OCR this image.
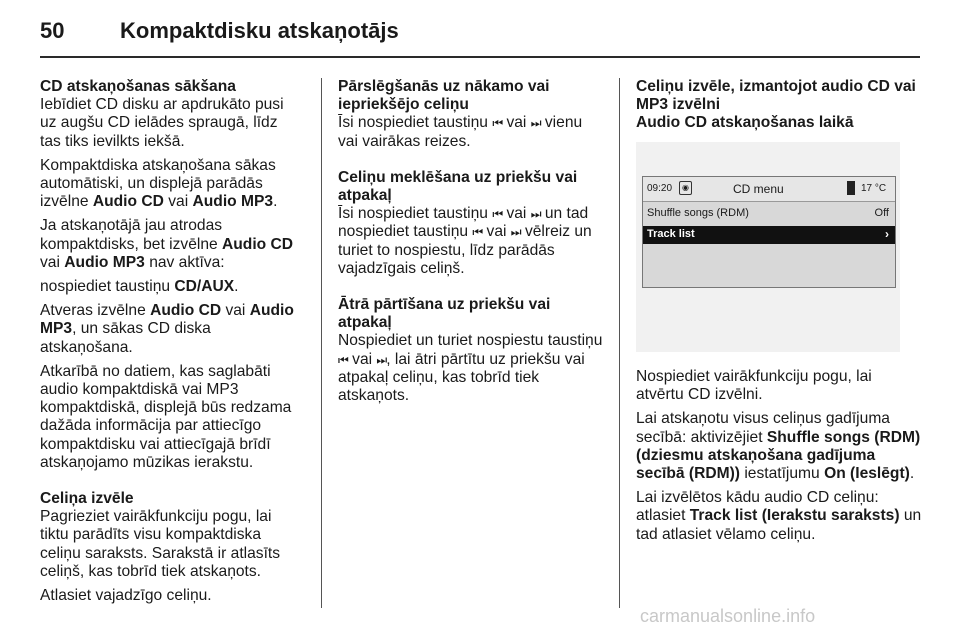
50	Kompaktdisku atskaņotājs
CD atskaņošanas sākšana

Iebīdiet CD disku ar apdrukāto pusi uz augšu CD ielādes spraugā, līdz tas tiks ievilkts iekšā.

Kompaktdiska atskaņošana sākas automātiski, un displejā parādās izvēlne Audio CD vai Audio MP3.

Ja atskaņotājā jau atrodas kompaktdisks, bet izvēlne Audio CD vai Audio MP3 nav aktīva:

nospiediet taustiņu CD/AUX.

Atveras izvēlne Audio CD vai Audio MP3, un sākas CD diska atskaņošana.

Atkarībā no datiem, kas saglabāti audio kompaktdiskā vai MP3 kompaktdiskā, displejā būs redzama dažāda informācija par attiecīgo kompaktdisku vai attiecīgajā brīdī atskaņojamo mūzikas ierakstu.

Celiņa izvēle

Pagrieziet vairākfunkciju pogu, lai tiktu parādīts visu kompaktdiska celiņu saraksts. Sarakstā ir atlasīts celiņš, kas tobrīd tiek atskaņots.

Atlasiet vajadzīgo celiņu.

Pārslēgšanās uz nākamo vai iepriekšējo celiņu

Īsi nospiediet taustiņu ⏮ vai ⏭ vienu vai vairākas reizes.

Celiņu meklēšana uz priekšu vai atpakaļ

Īsi nospiediet taustiņu ⏮ vai ⏭ un tad nospiediet taustiņu ⏮ vai ⏭ vēlreiz un turiet to nospiestu, līdz parādās vajadzīgais celiņš.

Ātrā pārtīšana uz priekšu vai atpakaļ

Nospiediet un turiet nospiestu taustiņu ⏮ vai ⏭, lai ātri pārtītu uz priekšu vai atpakaļ celiņu, kas tobrīd tiek atskaņots.

Celiņu izvēle, izmantojot audio CD vai MP3 izvēlni
Audio CD atskaņošanas laikā
09:20	◉	CD menu	17 °C
Shuffle songs (RDM)	Off
Track list	›

Nospiediet vairākfunkciju pogu, lai atvērtu CD izvēlni.

Lai atskaņotu visus celiņus gadījuma secībā: aktivizējiet Shuffle songs (RDM) (dziesmu atskaņošana gadījuma secībā (RDM)) iestatījumu On (Ieslēgt).

Lai izvēlētos kādu audio CD celiņu: atlasiet Track list (Ierakstu saraksts) un tad atlasiet vēlamo celiņu.

carmanualsonline.info
